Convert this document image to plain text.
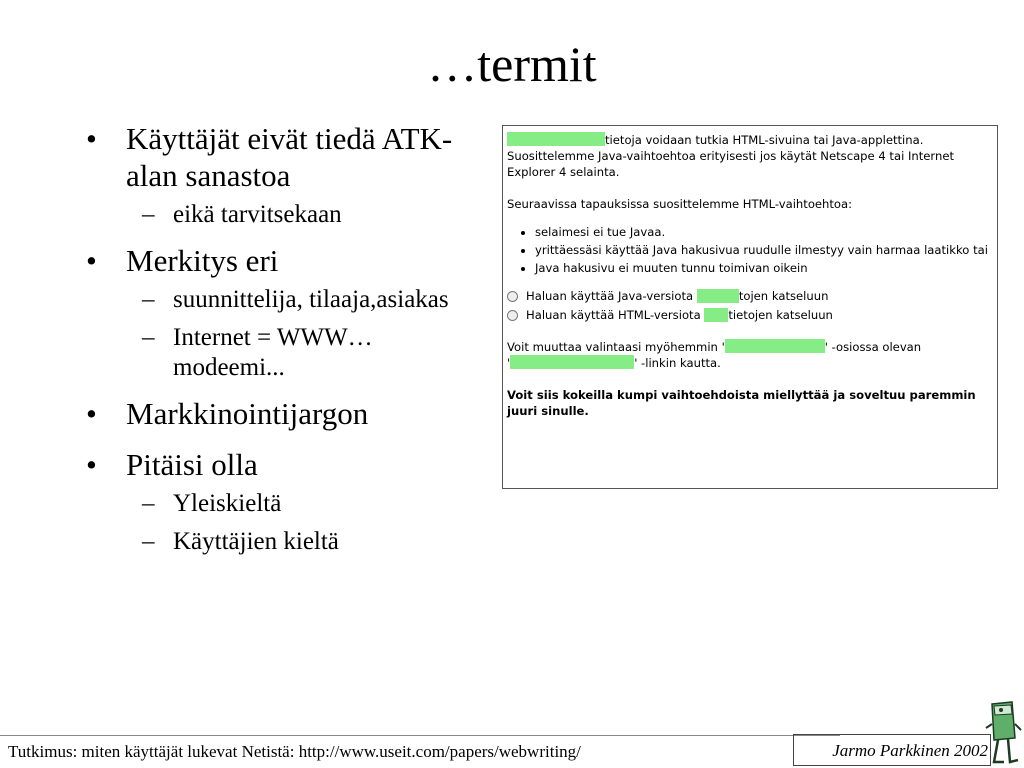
…termit
• Käyttäjät eivät tiedä ATK-alan sanastoa
– eikä tarvitsekaan
• Merkitys eri
– suunnittelija, tilaaja,asiakas
– Internet = WWW… modeemi...
• Markkinointijargon
• Pitäisi olla
– Yleiskieltä
– Käyttäjien kieltä

tietoja voidaan tutkia HTML-sivuina tai Java-applettina.
Suosittelemme Java-vaihtoehtoa erityisesti jos käytät Netscape 4 tai Internet Explorer 4 selainta.

Seuraavissa tapauksissa suosittelemme HTML-vaihtoehtoa:
• selaimesi ei tue Javaa.
• yrittäessäsi käyttää Java hakusivua ruudulle ilmestyy vain harmaa laatikko tai
• Java hakusivu ei muuten tunnu toimivan oikein
Haluan käyttää Java-versiota
	tojen katseluun
Haluan käyttää HTML-versiota
tietojen katseluun

Voit muuttaa valintaasi myöhemmin '	' -osiossa olevan
'	' -linkin kautta.

Voit siis kokeilla kumpi vaihtoehdoista miellyttää ja soveltuu paremmin juuri sinulle.

Tutkimus: miten käyttäjät lukevat Netistä: http://www.useit.com/papers/webwriting/	Jarmo Parkkinen 2002
